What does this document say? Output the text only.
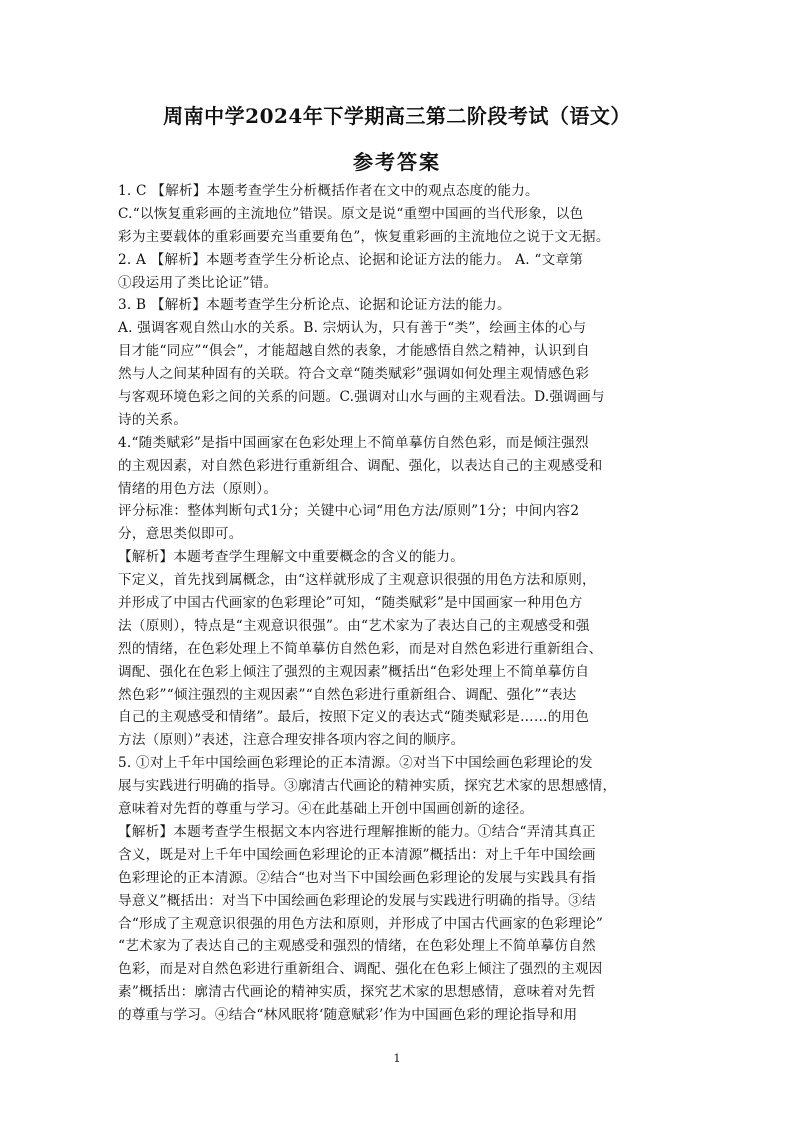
周南中学2024年下学期高三第二阶段考试（语文）
参考答案
1. C 【解析】本题考查学生分析概括作者在文中的观点态度的能力。
C.“以恢复重彩画的主流地位”错误。原文是说“重塑中国画的当代形象，以色
彩为主要载体的重彩画要充当重要角色”，恢复重彩画的主流地位之说于文无据。
2. A 【解析】本题考查学生分析论点、论据和论证方法的能力。 A. “文章第
①段运用了类比论证”错。
3. B 【解析】本题考查学生分析论点、论据和论证方法的能力。
A. 强调客观自然山水的关系。B. 宗炳认为，只有善于“类”，绘画主体的心与
目才能“同应”“俱会”，才能超越自然的表象，才能感悟自然之精神，认识到自
然与人之间某种固有的关联。符合文章“随类赋彩”强调如何处理主观情感色彩
与客观环境色彩之间的关系的问题。C.强调对山水与画的主观看法。D.强调画与
诗的关系。
4.“随类赋彩”是指中国画家在色彩处理上不简单摹仿自然色彩，而是倾注强烈
的主观因素，对自然色彩进行重新组合、调配、强化，以表达自己的主观感受和
情绪的用色方法（原则）。
评分标准：整体判断句式1分；关键中心词“用色方法/原则”1分；中间内容2
分，意思类似即可。
【解析】本题考查学生理解文中重要概念的含义的能力。
下定义，首先找到属概念，由“这样就形成了主观意识很强的用色方法和原则，
并形成了中国古代画家的色彩理论”可知，“随类赋彩”是中国画家一种用色方
法（原则），特点是“主观意识很强”。由“艺术家为了表达自己的主观感受和强
烈的情绪，在色彩处理上不简单摹仿自然色彩，而是对自然色彩进行重新组合、
调配、强化在色彩上倾注了强烈的主观因素”概括出“色彩处理上不简单摹仿自
然色彩”“倾注强烈的主观因素”“自然色彩进行重新组合、调配、强化”“表达
自己的主观感受和情绪”。最后，按照下定义的表达式“随类赋彩是……的用色
方法（原则）”表述，注意合理安排各项内容之间的顺序。
5. ①对上千年中国绘画色彩理论的正本清源。②对当下中国绘画色彩理论的发
展与实践进行明确的指导。③廓清古代画论的精神实质，探究艺术家的思想感情，
意味着对先哲的尊重与学习。④在此基础上开创中国画创新的途径。
【解析】本题考查学生根据文本内容进行理解推断的能力。①结合“弄清其真正
含义，既是对上千年中国绘画色彩理论的正本清源”概括出：对上千年中国绘画
色彩理论的正本清源。②结合“也对当下中国绘画色彩理论的发展与实践具有指
导意义”概括出：对当下中国绘画色彩理论的发展与实践进行明确的指导。③结
合“形成了主观意识很强的用色方法和原则，并形成了中国古代画家的色彩理论”
“艺术家为了表达自己的主观感受和强烈的情绪，在色彩处理上不简单摹仿自然
色彩，而是对自然色彩进行重新组合、调配、强化在色彩上倾注了强烈的主观因
素”概括出：廓清古代画论的精神实质，探究艺术家的思想感情，意味着对先哲
的尊重与学习。④结合“林风眠将‘随意赋彩’作为中国画色彩的理论指导和用
1
